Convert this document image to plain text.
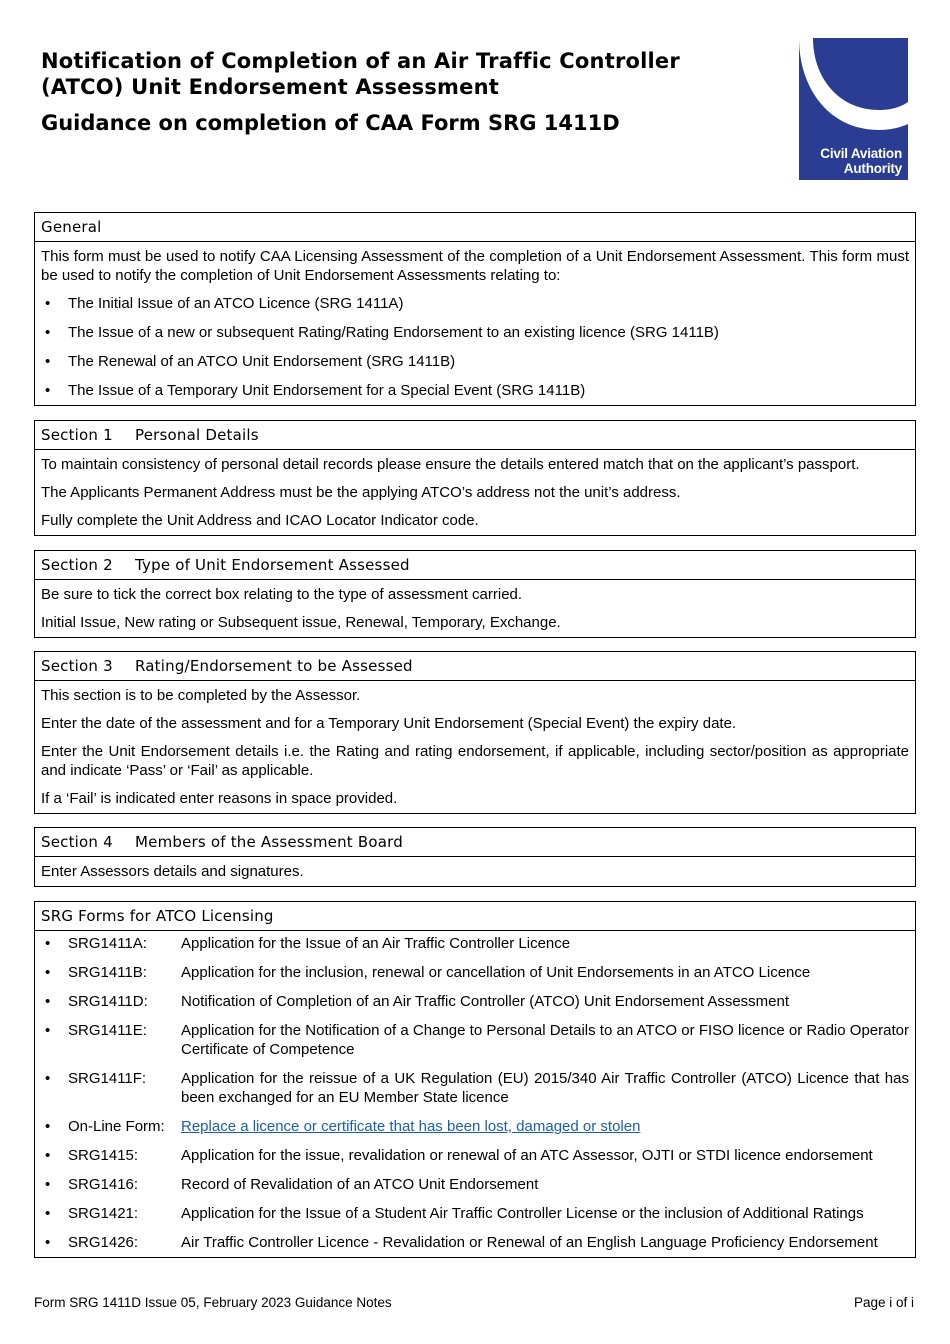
Notification of Completion of an Air Traffic Controller (ATCO) Unit Endorsement Assessment
Guidance on completion of CAA Form SRG 1411D
Civil Aviation
Authority
General

This form must be used to notify CAA Licensing Assessment of the completion of a Unit Endorsement Assessment. This form must be used to notify the completion of Unit Endorsement Assessments relating to:

• The Initial Issue of an ATCO Licence (SRG 1411A)
• The Issue of a new or subsequent Rating/Rating Endorsement to an existing licence (SRG 1411B)
• The Renewal of an ATCO Unit Endorsement (SRG 1411B)
• The Issue of a Temporary Unit Endorsement for a Special Event (SRG 1411B)
Section 1 Personal Details

To maintain consistency of personal detail records please ensure the details entered match that on the applicant’s passport.

The Applicants Permanent Address must be the applying ATCO’s address not the unit’s address.

Fully complete the Unit Address and ICAO Locator Indicator code.

Section 2 Type of Unit Endorsement Assessed

Be sure to tick the correct box relating to the type of assessment carried.

Initial Issue, New rating or Subsequent issue, Renewal, Temporary, Exchange.

Section 3 Rating/Endorsement to be Assessed

This section is to be completed by the Assessor.

Enter the date of the assessment and for a Temporary Unit Endorsement (Special Event) the expiry date.

Enter the Unit Endorsement details i.e. the Rating and rating endorsement, if applicable, including sector/position as appropriate and indicate ‘Pass’ or ‘Fail’ as applicable.

If a ‘Fail’ is indicated enter reasons in space provided.

Section 4 Members of the Assessment Board

Enter Assessors details and signatures.

SRG Forms for ATCO Licensing
• SRG1411A: Application for the Issue of an Air Traffic Controller Licence
• SRG1411B: Application for the inclusion, renewal or cancellation of Unit Endorsements in an ATCO Licence
• SRG1411D: Notification of Completion of an Air Traffic Controller (ATCO) Unit Endorsement Assessment
• SRG1411E: Application for the Notification of a Change to Personal Details to an ATCO or FISO licence or Radio Operator Certificate of Competence
• SRG1411F: Application for the reissue of a UK Regulation (EU) 2015/340 Air Traffic Controller (ATCO) Licence that has been exchanged for an EU Member State licence
• On-Line Form: Replace a licence or certificate that has been lost, damaged or stolen
• SRG1415:	Application for the issue, revalidation or renewal of an ATC Assessor, OJTI or STDI licence endorsement
• SRG1416:	Record of Revalidation of an ATCO Unit Endorsement
• SRG1421:	Application for the Issue of a Student Air Traffic Controller License or the inclusion of Additional Ratings
• SRG1426:	Air Traffic Controller Licence - Revalidation or Renewal of an English Language Proficiency Endorsement
Form SRG 1411D Issue 05, February 2023 Guidance Notes	Page i of i
